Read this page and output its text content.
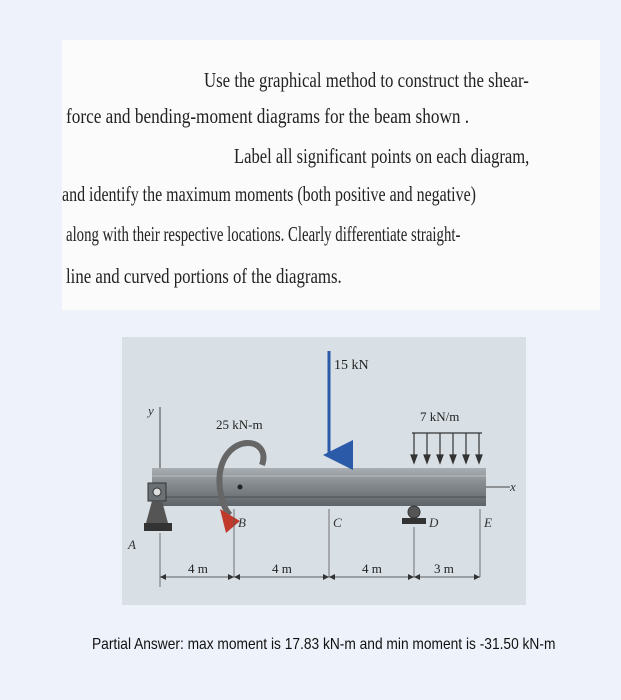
Use the graphical method to construct the shear-
force and bending-moment diagrams for the beam shown .
Label all significant points on each diagram,
and identify the maximum moments (both positive and negative)
along with their respective locations. Clearly differentiate straight-
line and curved portions of the diagrams.
y
x
A
25 kN-m
15 kN
7 kN/m
B	C	D	E
4 m	4 m	4 m	3 m
Partial Answer: max moment is 17.83 kN-m and min moment is -31.50 kN-m
